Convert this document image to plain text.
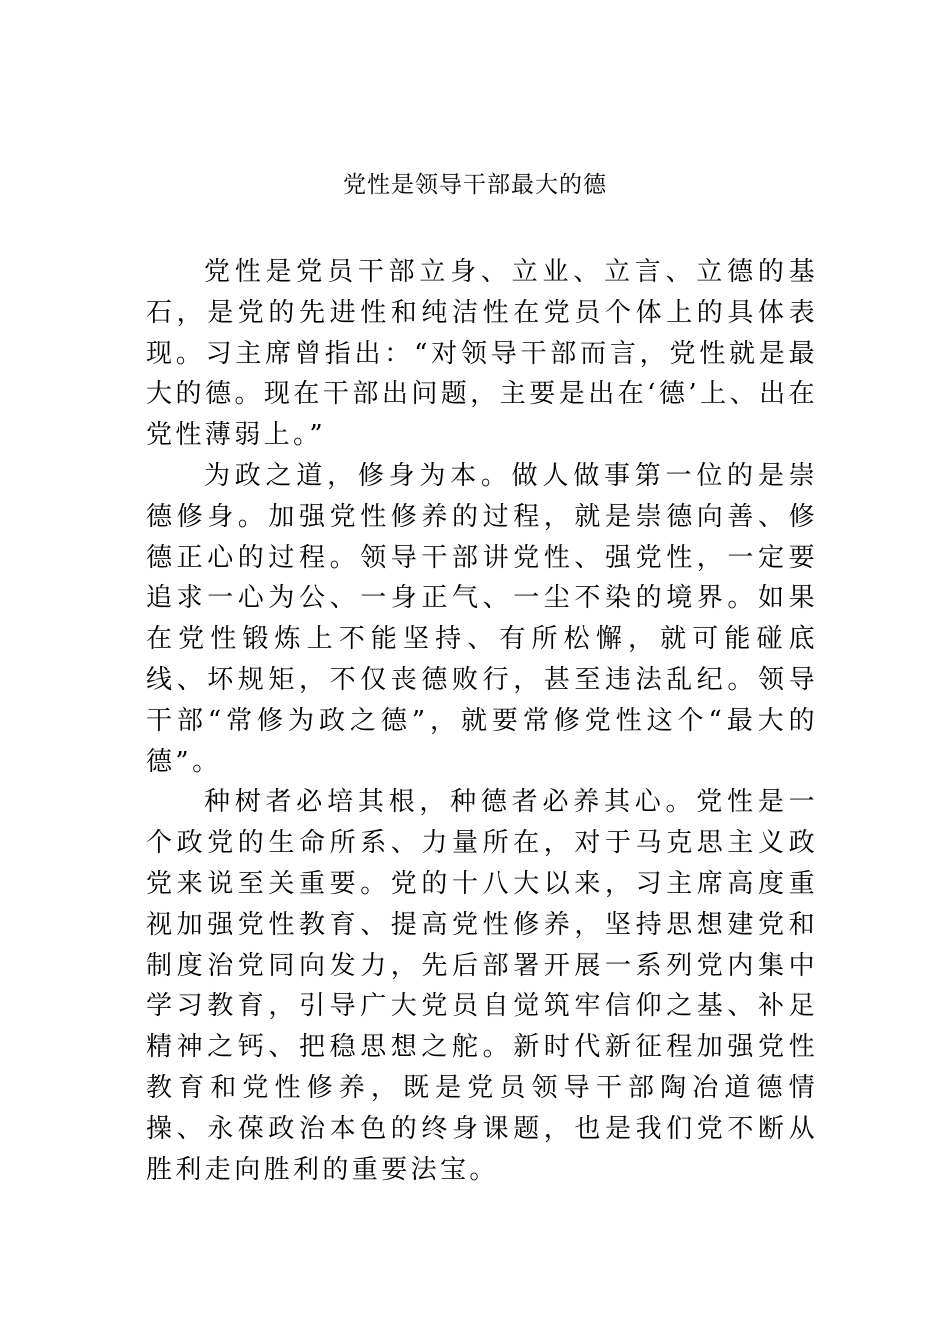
党性是领导干部最大的德

党性是党员干部立身、立业、立言、立德的基石，是党的先进性和纯洁性在党员个体上的具体表现。习主席曾指出：“对领导干部而言，党性就是最大的德。现在干部出问题，主要是出在‘德’上、出在党性薄弱上。”

为政之道，修身为本。做人做事第一位的是崇德修身。加强党性修养的过程，就是崇德向善、修德正心的过程。领导干部讲党性、强党性，一定要追求一心为公、一身正气、一尘不染的境界。如果在党性锻炼上不能坚持、有所松懈，就可能碰底线、坏规矩，不仅丧德败行，甚至违法乱纪。领导干部“常修为政之德”，就要常修党性这个“最大的德”。

种树者必培其根，种德者必养其心。党性是一个政党的生命所系、力量所在，对于马克思主义政党来说至关重要。党的十八大以来，习主席高度重视加强党性教育、提高党性修养，坚持思想建党和制度治党同向发力，先后部署开展一系列党内集中学习教育，引导广大党员自觉筑牢信仰之基、补足精神之钙、把稳思想之舵。新时代新征程加强党性教育和党性修养，既是党员领导干部陶冶道德情操、永葆政治本色的终身课题，也是我们党不断从胜利走向胜利的重要法宝。
